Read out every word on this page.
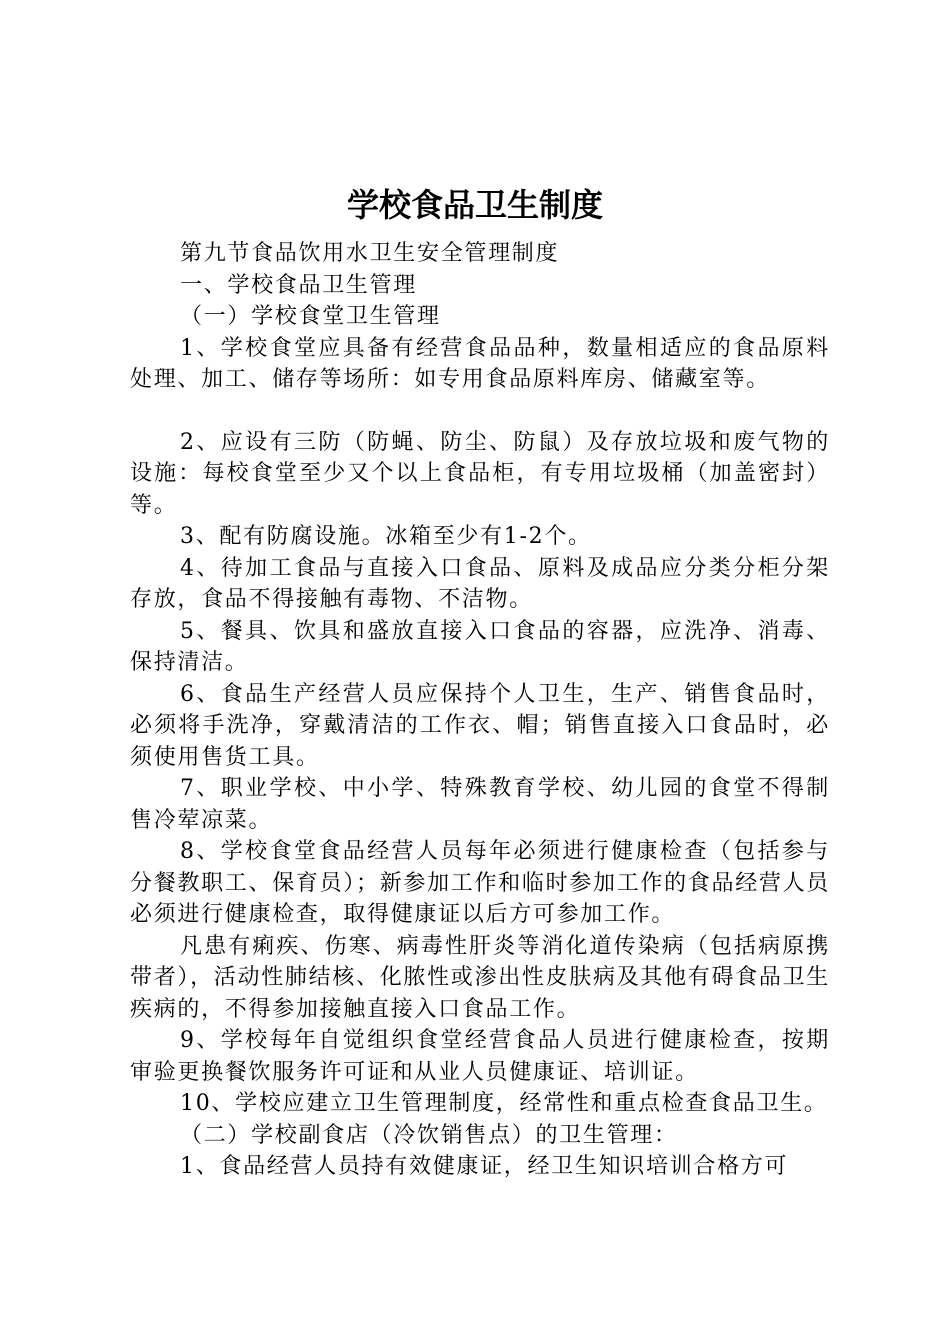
学校食品卫生制度

第九节食品饮用水卫生安全管理制度

一、学校食品卫生管理

（一）学校食堂卫生管理

1、学校食堂应具备有经营食品品种，数量相适应的食品原料处理、加工、储存等场所：如专用食品原料库房、储藏室等。

2、应设有三防（防蝇、防尘、防鼠）及存放垃圾和废气物的设施：每校食堂至少又个以上食品柜，有专用垃圾桶（加盖密封）等。

3、配有防腐设施。冰箱至少有1-2个。

4、待加工食品与直接入口食品、原料及成品应分类分柜分架存放，食品不得接触有毒物、不洁物。

5、餐具、饮具和盛放直接入口食品的容器，应洗净、消毒、保持清洁。

6、食品生产经营人员应保持个人卫生，生产、销售食品时，必须将手洗净，穿戴清洁的工作衣、帽；销售直接入口食品时，必须使用售货工具。

7、职业学校、中小学、特殊教育学校、幼儿园的食堂不得制售冷荤凉菜。

8、学校食堂食品经营人员每年必须进行健康检查（包括参与分餐教职工、保育员）；新参加工作和临时参加工作的食品经营人员必须进行健康检查，取得健康证以后方可参加工作。

凡患有痢疾、伤寒、病毒性肝炎等消化道传染病（包括病原携带者），活动性肺结核、化脓性或渗出性皮肤病及其他有碍食品卫生疾病的，不得参加接触直接入口食品工作。

9、学校每年自觉组织食堂经营食品人员进行健康检查，按期审验更换餐饮服务许可证和从业人员健康证、培训证。

10、学校应建立卫生管理制度，经常性和重点检查食品卫生。

（二）学校副食店（冷饮销售点）的卫生管理：

1、食品经营人员持有效健康证，经卫生知识培训合格方可
